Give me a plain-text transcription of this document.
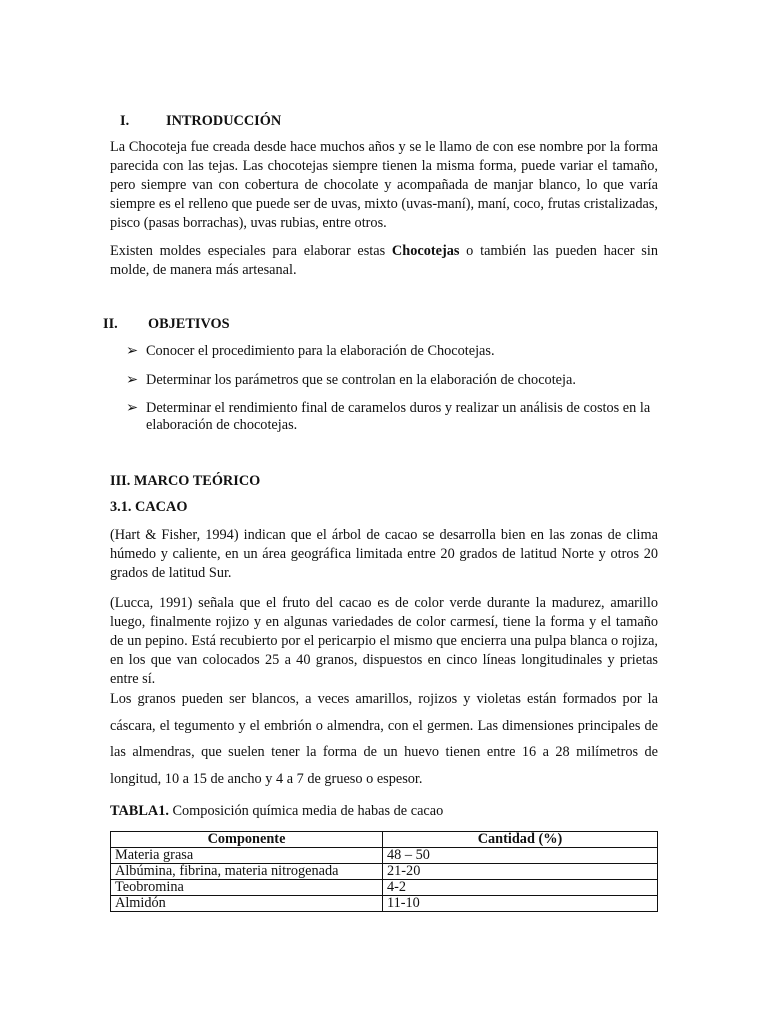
I.	INTRODUCCIÓN

La Chocoteja fue creada desde hace muchos años y se le llamo de con ese nombre por la forma parecida con las tejas. Las chocotejas siempre tienen la misma forma, puede variar el tamaño, pero siempre van con cobertura de chocolate y acompañada de manjar blanco, lo que varía siempre es el relleno que puede ser de uvas, mixto (uvas-maní), maní, coco, frutas cristalizadas, pisco (pasas borrachas), uvas rubias, entre otros.

Existen moldes especiales para elaborar estas Chocotejas o también las pueden hacer sin molde, de manera más artesanal.

II. OBJETIVOS
➢ Conocer el procedimiento para la elaboración de Chocotejas.
➢ Determinar los parámetros que se controlan en la elaboración de chocoteja.
➢ Determinar el rendimiento final de caramelos duros y realizar un análisis de costos en la elaboración de chocotejas.
III. MARCO TEÓRICO
3.1. CACAO

(Hart & Fisher, 1994) indican que el árbol de cacao se desarrolla bien en las zonas de clima húmedo y caliente, en un área geográfica limitada entre 20 grados de latitud Norte y otros 20 grados de latitud Sur.

(Lucca, 1991) señala que el fruto del cacao es de color verde durante la madurez, amarillo luego, finalmente rojizo y en algunas variedades de color carmesí, tiene la forma y el tamaño de un pepino. Está recubierto por el pericarpio el mismo que encierra una pulpa blanca o rojiza, en los que van colocados 25 a 40 granos, dispuestos en cinco líneas longitudinales y prietas entre sí.

Los granos pueden ser blancos, a veces amarillos, rojizos y violetas están formados por la cáscara, el tegumento y el embrión o almendra, con el germen. Las dimensiones principales de las almendras, que suelen tener la forma de un huevo tienen entre 16 a 28 milímetros de longitud, 10 a 15 de ancho y 4 a 7 de grueso o espesor.

TABLA1. Composición química media de habas de cacao
Componente	Cantidad (%)
Materia grasa	48 – 50
Albúmina, fibrina, materia nitrogenada	21-20
Teobromina	4-2
Almidón	11-10
